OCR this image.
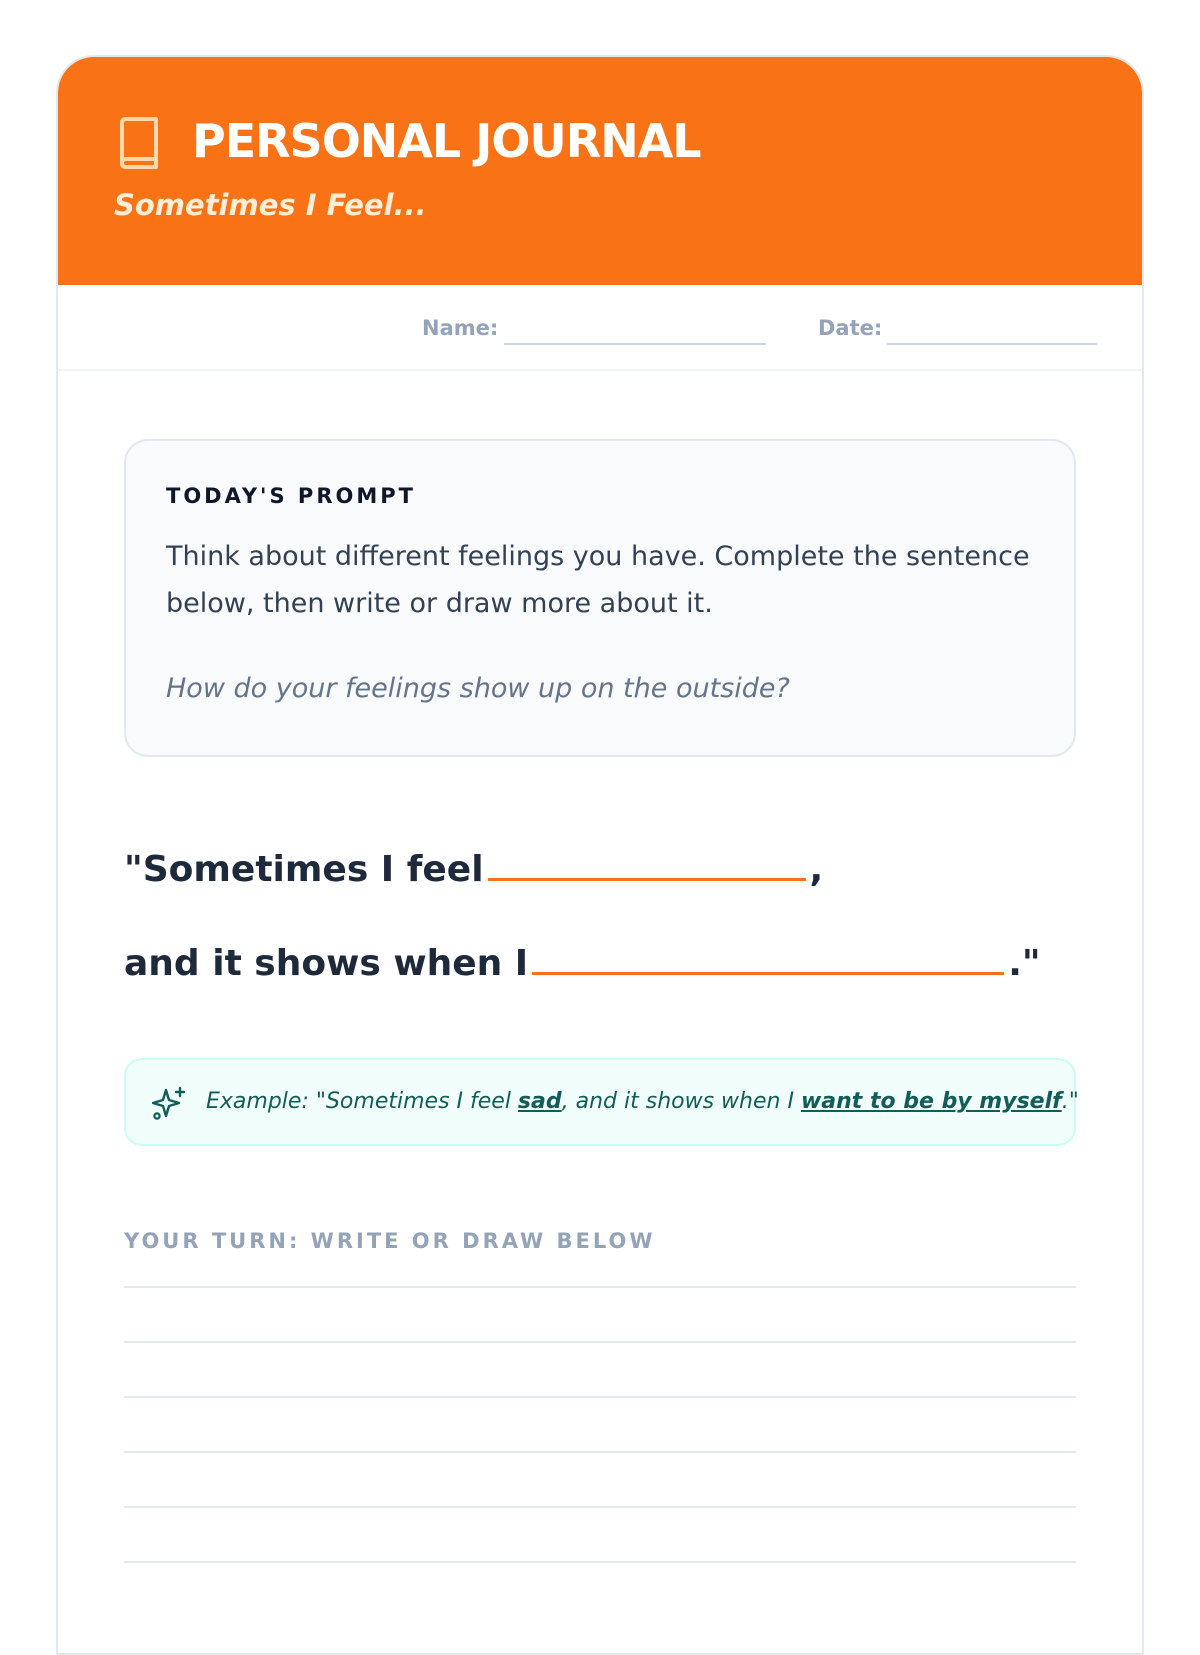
PERSONAL JOURNAL
Sometimes I Feel...
Name:	Date:
TODAY'S PROMPT
Think about different feelings you have. Complete the sentence below, then write or draw more about it.
How do your feelings show up on the outside?
"Sometimes I feel	,
and it shows when I	."
Example: "Sometimes I feel sad, and it shows when I want to be by myself."
YOUR TURN: WRITE OR DRAW BELOW
